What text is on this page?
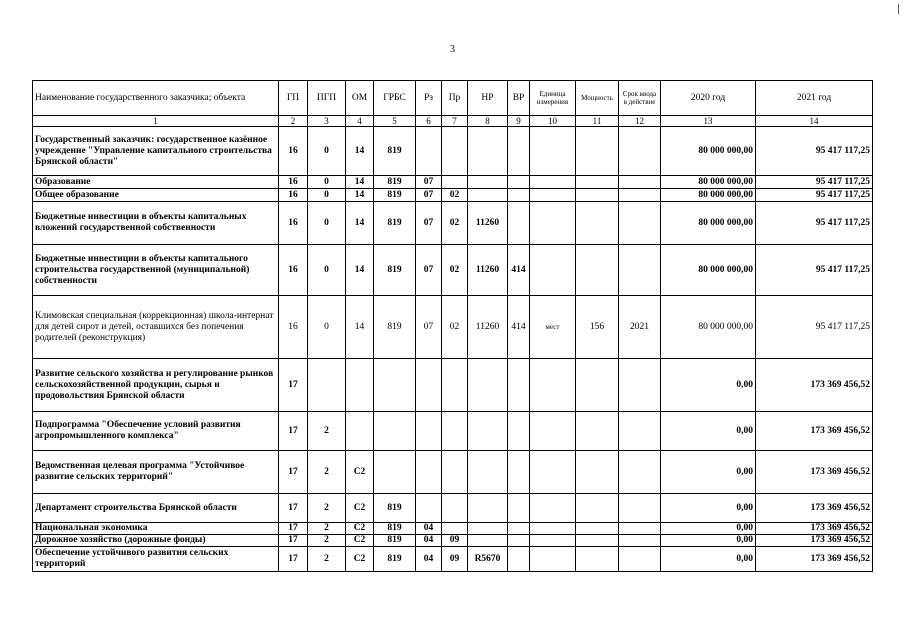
3
Наименование государственного заказчика; объекта	ГП	ПГП	ОМ	ГРБС	Рз	Пр	НР	ВР	Единица измерения	Мощность	Срок ввода в действие	2020 год	2021 год
1	2	3	4	5	6	7	8	9	10	11	12	13	14
Государственный заказчик: государственное казённое учреждение "Управление капитального строительства Брянской области"	16	0	14	819								80 000 000,00	95 417 117,25
Образование	16	0	14	819	07							80 000 000,00	95 417 117,25
Общее образование	16	0	14	819	07	02						80 000 000,00	95 417 117,25
Бюджетные инвестиции в объекты капитальных вложений государственной собственности	16	0	14	819	07	02	11260					80 000 000,00	95 417 117,25
Бюджетные инвестиции в объекты капитального строительства государственной (муниципальной) собственности	16	0	14	819	07	02	11260	414				80 000 000,00	95 417 117,25
Климовская специальная (коррекционная) школа-интернат для детей сирот и детей, оставшихся без попечения родителей (реконструкция)	16	0	14	819	07	02	11260	414	мест	156	2021	80 000 000,00	95 417 117,25
Развитие сельского хозяйства и регулирование рынков сельскохозяйственной продукции, сырья и продовольствия Брянской области	17											0,00	173 369 456,52
Подпрограмма "Обеспечение условий развития агропромышленного комплекса"	17	2										0,00	173 369 456,52
Ведомственная целевая программа "Устойчивое развитие сельских территорий"	17	2	С2									0,00	173 369 456,52
Департамент строительства Брянской области	17	2	С2	819								0,00	173 369 456,52
Национальная экономика	17	2	С2	819	04							0,00	173 369 456,52
Дорожное хозяйство (дорожные фонды)	17	2	С2	819	04	09						0,00	173 369 456,52
Обеспечение устойчивого развития сельских территорий	17	2	С2	819	04	09	R5670					0,00	173 369 456,52
